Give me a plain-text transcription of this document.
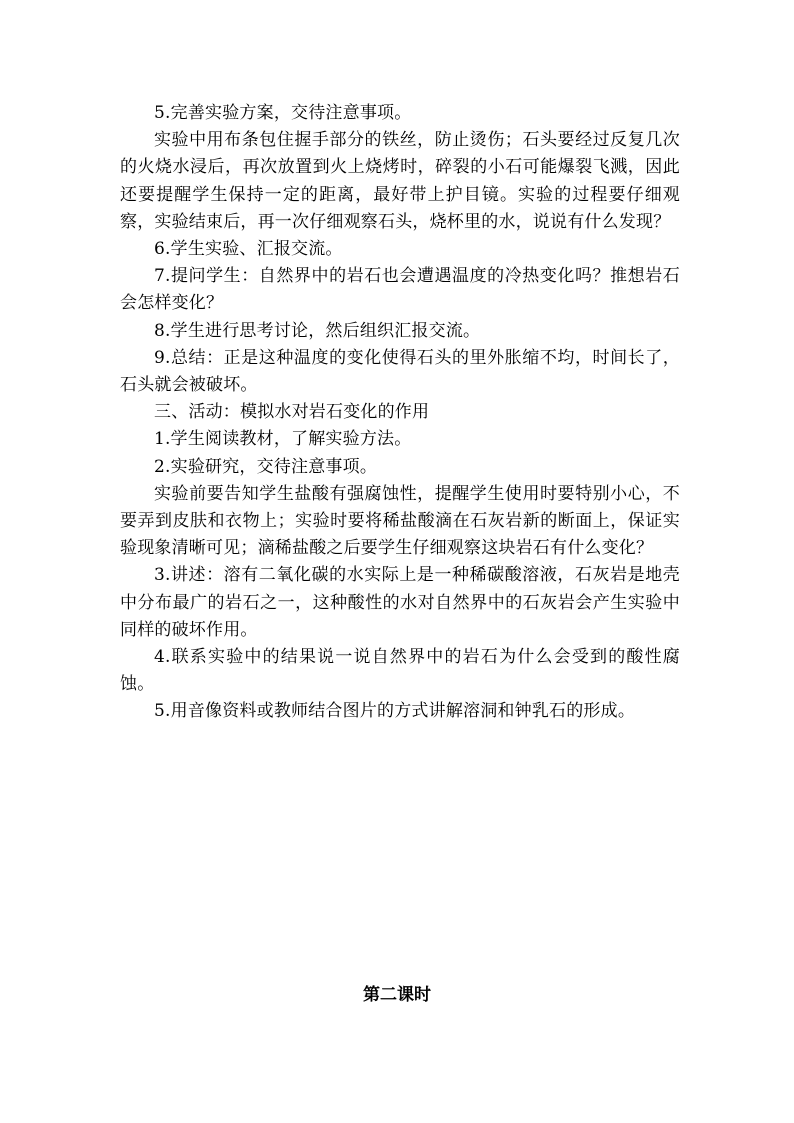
5.完善实验方案，交待注意事项。

实验中用布条包住握手部分的铁丝，防止烫伤；石头要经过反复几次的火烧水浸后，再次放置到火上烧烤时，碎裂的小石可能爆裂飞溅，因此还要提醒学生保持一定的距离，最好带上护目镜。实验的过程要仔细观察，实验结束后，再一次仔细观察石头，烧杯里的水，说说有什么发现？

6.学生实验、汇报交流。

7.提问学生：自然界中的岩石也会遭遇温度的冷热变化吗？推想岩石会怎样变化？

8.学生进行思考讨论，然后组织汇报交流。

9.总结：正是这种温度的变化使得石头的里外胀缩不均，时间长了，石头就会被破坏。

三、活动：模拟水对岩石变化的作用

1.学生阅读教材，了解实验方法。

2.实验研究，交待注意事项。

实验前要告知学生盐酸有强腐蚀性，提醒学生使用时要特别小心，不要弄到皮肤和衣物上；实验时要将稀盐酸滴在石灰岩新的断面上，保证实验现象清晰可见；滴稀盐酸之后要学生仔细观察这块岩石有什么变化？

3.讲述：溶有二氧化碳的水实际上是一种稀碳酸溶液，石灰岩是地壳中分布最广的岩石之一，这种酸性的水对自然界中的石灰岩会产生实验中同样的破坏作用。

4.联系实验中的结果说一说自然界中的岩石为什么会受到的酸性腐蚀。

5.用音像资料或教师结合图片的方式讲解溶洞和钟乳石的形成。

第二课时
